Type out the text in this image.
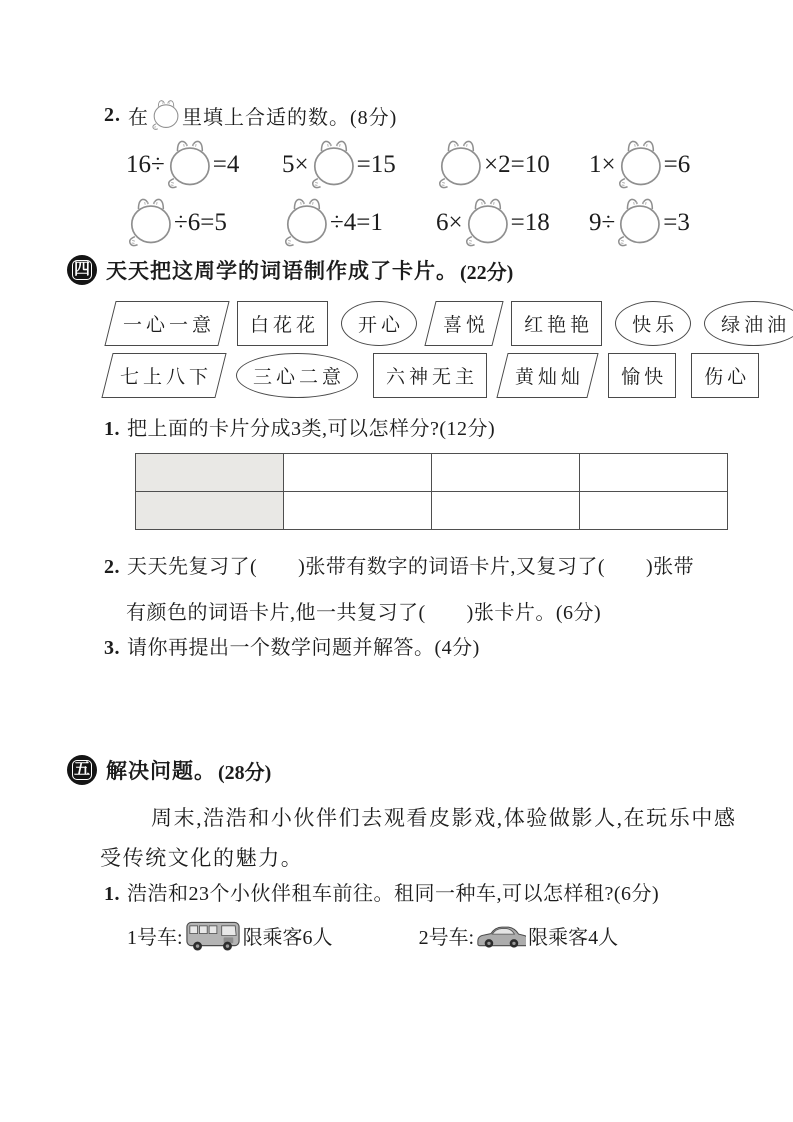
2. 在 里填上合适的数。(8分)
16÷ =4 5× =15	×2=10 1× =6
÷6=5	÷4=1 6× =18 9÷ =3
四 天天把这周学的词语制作成了卡片。 (22分)
一心一意 白花花 开心 喜悦 红艳艳 快乐 绿油油
七上八下 三心二意 六神无主 黄灿灿 愉快 伤心
1. 把上面的卡片分成3类,可以怎样分?(12分)

2. 天天先复习了(　　)张带有数字的词语卡片,又复习了(　　)张带
有颜色的词语卡片,他一共复习了(　　)张卡片。(6分)
3. 请你再提出一个数学问题并解答。(4分)
五 解决问题。 (28分)
周末,浩浩和小伙伴们去观看皮影戏,体验做影人,在玩乐中感
受传统文化的魅力。
1. 浩浩和23个小伙伴租车前往。租同一种车,可以怎样租?(6分)
1号车:	限乘客6人	2号车:	限乘客4人
